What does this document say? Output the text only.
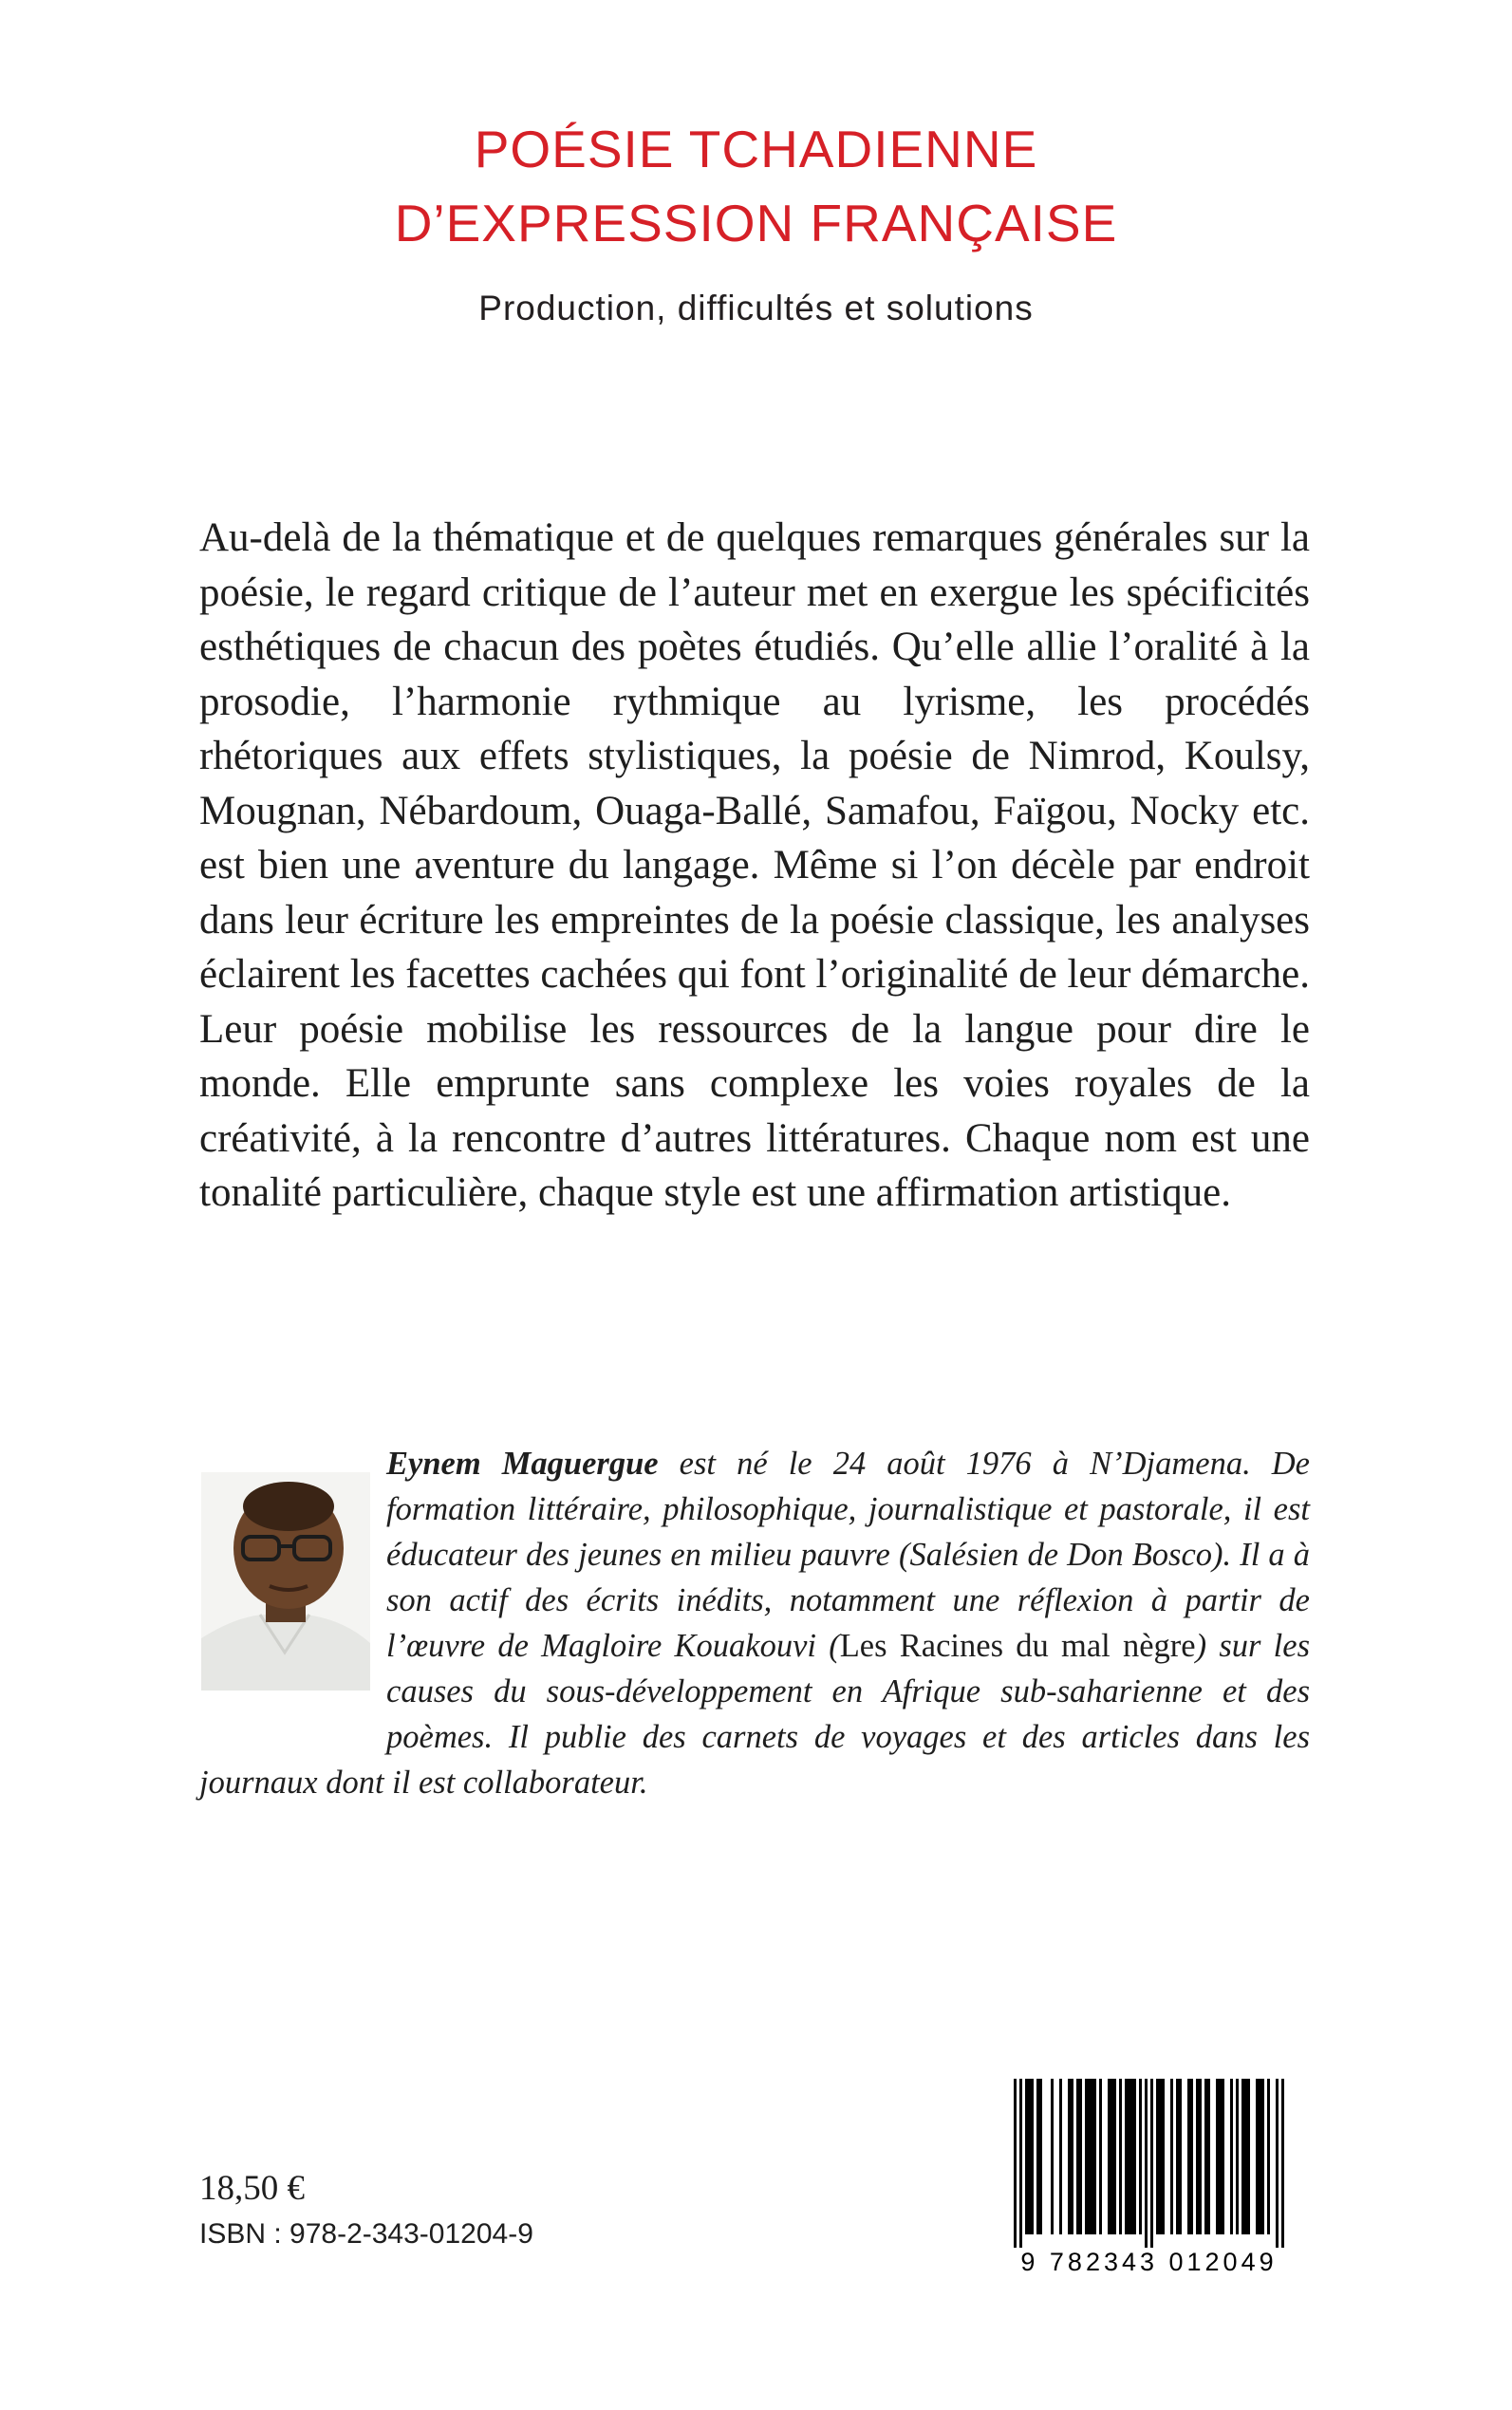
POÉSIE TCHADIENNE
D’EXPRESSION FRANÇAISE
Production, difficultés et solutions

Au-delà de la thématique et de quelques remarques générales sur la poésie, le regard critique de l’auteur met en exergue les spécificités esthétiques de chacun des poètes étudiés. Qu’elle allie l’oralité à la prosodie, l’harmonie rythmique au lyrisme, les procédés rhétoriques aux effets stylistiques, la poésie de Nimrod, Koulsy, Mougnan, Nébardoum, Ouaga-Ballé, Samafou, Faïgou, Nocky etc. est bien une aventure du langage. Même si l’on décèle par endroit dans leur écriture les empreintes de la poésie classique, les analyses éclairent les facettes cachées qui font l’originalité de leur démarche. Leur poésie mobilise les ressources de la langue pour dire le monde. Elle emprunte sans complexe les voies royales de la créativité, à la rencontre d’autres littératures. Chaque nom est une tonalité particulière, chaque style est une affirmation artistique.

Eynem Maguergue est né le 24 août 1976 à N’Djamena. De formation littéraire, philosophique, journalistique et pastorale, il est éducateur des jeunes en milieu pauvre (Salésien de Don Bosco). Il a à son actif des écrits inédits, notamment une réflexion à partir de l’œuvre de Magloire Kouakouvi (Les Racines du mal nègre) sur les causes du sous-développement en Afrique sub-saharienne et des poèmes. Il publie des carnets de voyages et des articles dans les journaux dont il est collaborateur.

18,50 €
ISBN : 978-2-343-01204-9
9 782343 012049
